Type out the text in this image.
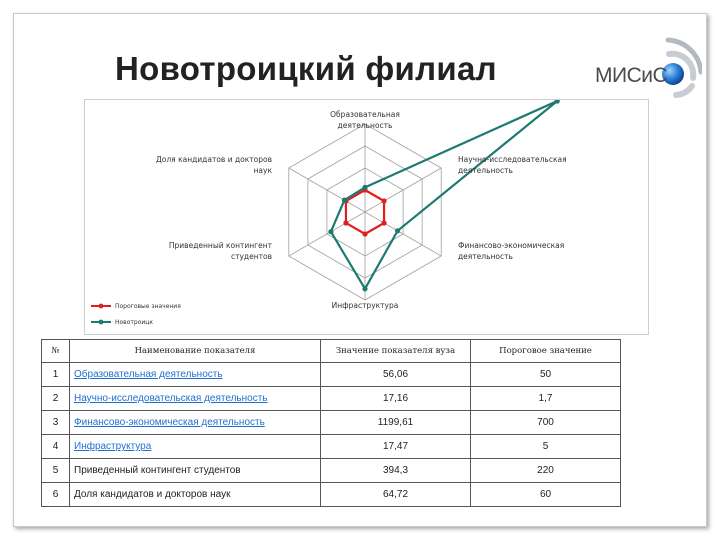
Новотроицкий филиал	МИСиС
Образовательная деятельность
Научно-исследовательская деятельность
Финансово-экономическая деятельность
Инфраструктура
Приведенный контингент студентов
Доля кандидатов и докторов наук
Пороговые значения
Новотроицк
№	Наименование показателя	Значение показателя вуза	Пороговое значение
1	Образовательная деятельность	56,06	50
2	Научно-исследовательская деятельность	17,16	1,7
3	Финансово-экономическая деятельность	1199,61	700
4	Инфраструктура	17,47	5
5	Приведенный контингент студентов	394,3	220
6	Доля кандидатов и докторов наук	64,72	60
